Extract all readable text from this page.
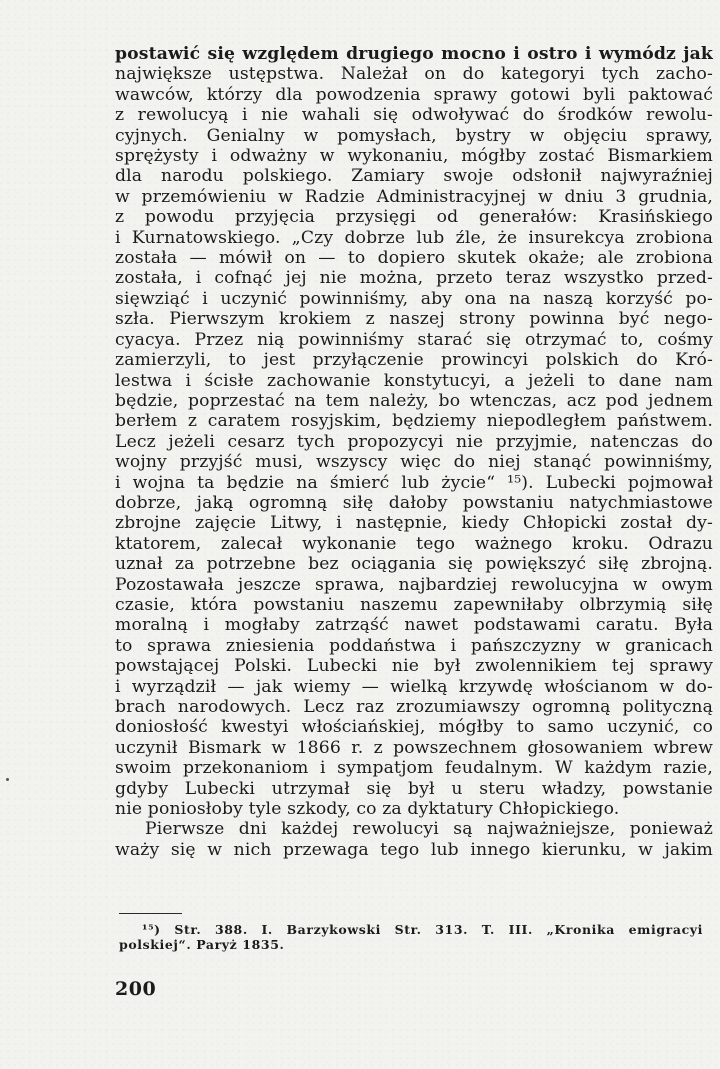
postawić się względem drugiego mocno i ostro i wymódz jak
największe ustępstwa. Należał on do kategoryi tych zacho-
wawców, którzy dla powodzenia sprawy gotowi byli paktować
z rewolucyą i nie wahali się odwoływać do środków rewolu-
cyjnych. Genialny w pomysłach, bystry w objęciu sprawy,
sprężysty i odważny w wykonaniu, mógłby zostać Bismarkiem
dla narodu polskiego. Zamiary swoje odsłonił najwyraźniej
w przemówieniu w Radzie Administracyjnej w dniu 3 grudnia,
z powodu przyjęcia przysięgi od generałów: Krasińskiego
i Kurnatowskiego. „Czy dobrze lub źle, że insurekcya zrobiona
została — mówił on — to dopiero skutek okaże; ale zrobiona
została, i cofnąć jej nie można, przeto teraz wszystko przed-
sięwziąć i uczynić powinniśmy, aby ona na naszą korzyść po-
szła. Pierwszym krokiem z naszej strony powinna być nego-
cyacya. Przez nią powinniśmy starać się otrzymać to, cośmy
zamierzyli, to jest przyłączenie prowincyi polskich do Kró-
lestwa i ścisłe zachowanie konstytucyi, a jeżeli to dane nam
będzie, poprzestać na tem należy, bo wtenczas, acz pod jednem
berłem z caratem rosyjskim, będziemy niepodległem państwem.
Lecz jeżeli cesarz tych propozycyi nie przyjmie, natenczas do
wojny przyjść musi, wszyscy więc do niej stanąć powinniśmy,
i wojna ta będzie na śmierć lub życie“ ¹⁵). Lubecki pojmował
dobrze, jaką ogromną siłę dałoby powstaniu natychmiastowe
zbrojne zajęcie Litwy, i następnie, kiedy Chłopicki został dy-
ktatorem, zalecał wykonanie tego ważnego kroku. Odrazu
uznał za potrzebne bez ociągania się powiększyć siłę zbrojną.
Pozostawała jeszcze sprawa, najbardziej rewolucyjna w owym
czasie, która powstaniu naszemu zapewniłaby olbrzymią siłę
moralną i mogłaby zatrząść nawet podstawami caratu. Była
to sprawa zniesienia poddaństwa i pańszczyzny w granicach
powstającej Polski. Lubecki nie był zwolennikiem tej sprawy
i wyrządził — jak wiemy — wielką krzywdę włościanom w do-
brach narodowych. Lecz raz zrozumiawszy ogromną polityczną
doniosłość kwestyi włościańskiej, mógłby to samo uczynić, co
uczynił Bismark w 1866 r. z powszechnem głosowaniem wbrew
swoim przekonaniom i sympatjom feudalnym. W każdym razie,
gdyby Lubecki utrzymał się był u steru władzy, powstanie
nie poniosłoby tyle szkody, co za dyktatury Chłopickiego.
Pierwsze dni każdej rewolucyi są najważniejsze, ponieważ
waży się w nich przewaga tego lub innego kierunku, w jakim
¹⁵) Str. 388. I. Barzykowski Str. 313. T. III. „Kronika emigracyi
polskiej“. Paryż 1835.
200
